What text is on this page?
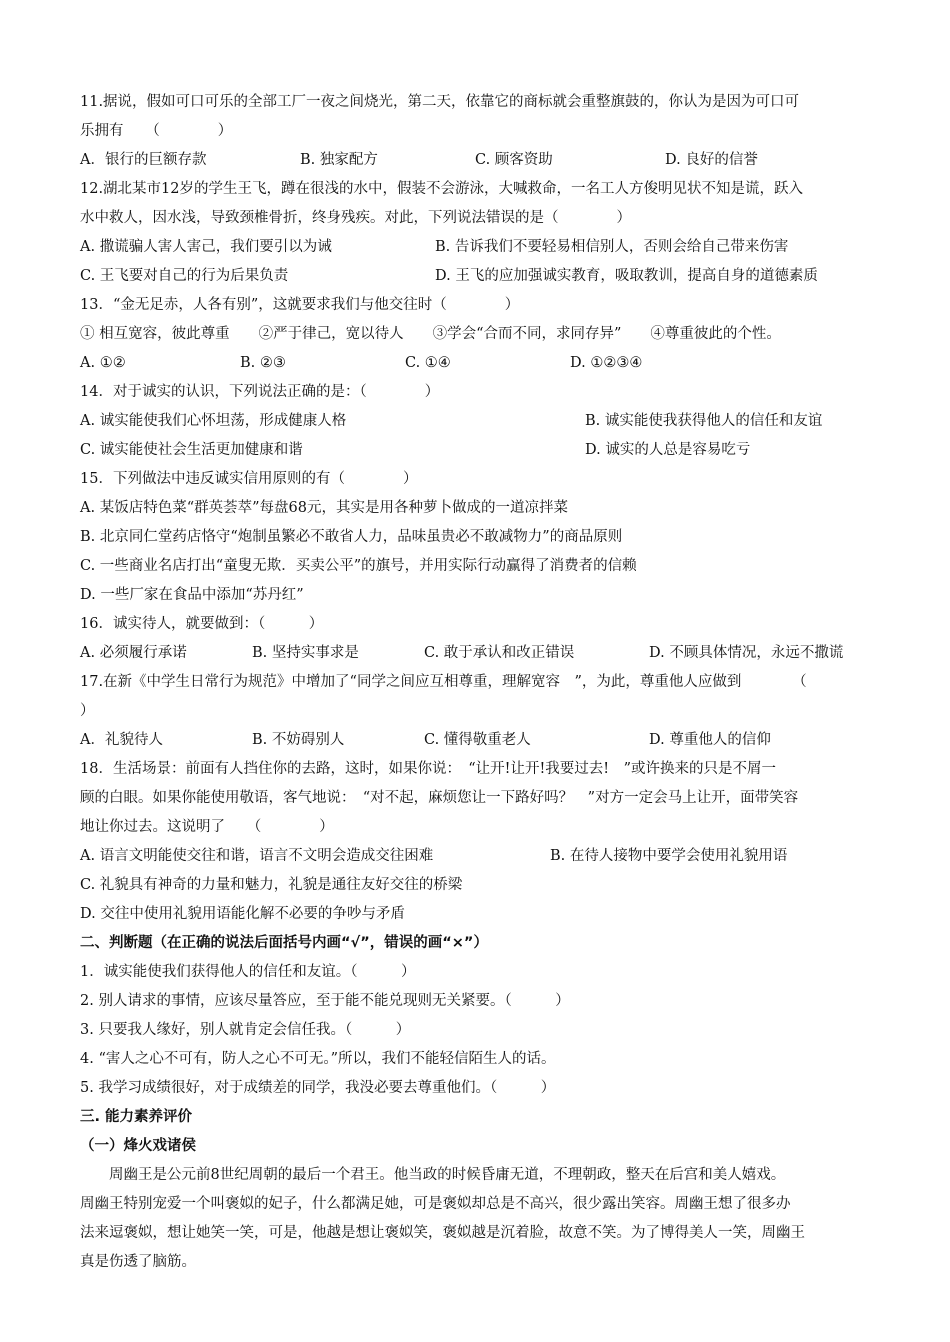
11.据说，假如可口可乐的全部工厂一夜之间烧光，第二天，依靠它的商标就会重整旗鼓的，你认为是因为可口可
乐拥有　　（　　　　）
A．银行的巨额存款	B. 独家配方	C. 顾客资助	D. 良好的信誉
12.湖北某市12岁的学生王飞，蹲在很浅的水中，假装不会游泳，大喊救命，一名工人方俊明见状不知是谎，跃入
水中救人，因水浅，导致颈椎骨折，终身残疾。对此，下列说法错误的是（　　　　）
A. 撒谎骗人害人害己，我们要引以为诫	B. 告诉我们不要轻易相信别人，否则会给自己带来伤害
C. 王飞要对自己的行为后果负责	D. 王飞的应加强诚实教育，吸取教训，提高自身的道德素质
13．“金无足赤，人各有别”，这就要求我们与他交往时（　　　　）
① 相互宽容，彼此尊重　　②严于律己，宽以待人　　③学会“合而不同，求同存异”　　④尊重彼此的个性。
A. ①②	B. ②③	C. ①④	D. ①②③④
14．对于诚实的认识，下列说法正确的是：（　　　　）
A. 诚实能使我们心怀坦荡，形成健康人格	B. 诚实能使我获得他人的信任和友谊
C. 诚实能使社会生活更加健康和谐	D. 诚实的人总是容易吃亏
15．下列做法中违反诚实信用原则的有（　　　　）
A. 某饭店特色菜“群英荟萃”每盘68元，其实是用各种萝卜做成的一道凉拌菜
B. 北京同仁堂药店恪守“炮制虽繁必不敢省人力，品味虽贵必不敢减物力”的商品原则
C. 一些商业名店打出“童叟无欺．买卖公平”的旗号，并用实际行动赢得了消费者的信赖
D. 一些厂家在食品中添加“苏丹红”
16．诚实待人，就要做到：（　　　）
A. 必须履行承诺	B. 坚持实事求是	C. 敢于承认和改正错误	D. 不顾具体情况，永远不撒谎
17.在新《中学生日常行为规范》中增加了“同学之间应互相尊重，理解宽容　”，为此，尊重他人应做到　　　　（
）
A．礼貌待人	B. 不妨碍别人	C. 懂得敬重老人	D. 尊重他人的信仰
18．生活场景：前面有人挡住你的去路，这时，如果你说：　“让开!让开!我要过去!　”或许换来的只是不屑一
顾的白眼。如果你能使用敬语，客气地说：　“对不起，麻烦您让一下路好吗？　”对方一定会马上让开，面带笑容
地让你过去。这说明了　　（　　　　）
A. 语言文明能使交往和谐，语言不文明会造成交往困难	B. 在待人接物中要学会使用礼貌用语
C. 礼貌具有神奇的力量和魅力，礼貌是通往友好交往的桥梁
D. 交往中使用礼貌用语能化解不必要的争吵与矛盾
二、判断题（在正确的说法后面括号内画“√”，错误的画“×”）
1．诚实能使我们获得他人的信任和友谊。（　　　）
2. 别人请求的事情，应该尽量答应，至于能不能兑现则无关紧要。（　　　）
3. 只要我人缘好，别人就肯定会信任我。（　　　）
4. “害人之心不可有，防人之心不可无。”所以，我们不能轻信陌生人的话。
5. 我学习成绩很好，对于成绩差的同学，我没必要去尊重他们。（　　　）
三. 能力素养评价
（一）烽火戏诸侯
周幽王是公元前8世纪周朝的最后一个君王。他当政的时候昏庸无道，不理朝政，整天在后宫和美人嬉戏。
周幽王特别宠爱一个叫褒姒的妃子，什么都满足她，可是褒姒却总是不高兴，很少露出笑容。周幽王想了很多办
法来逗褒姒，想让她笑一笑，可是，他越是想让褒姒笑，褒姒越是沉着脸，故意不笑。为了博得美人一笑，周幽王
真是伤透了脑筋。
